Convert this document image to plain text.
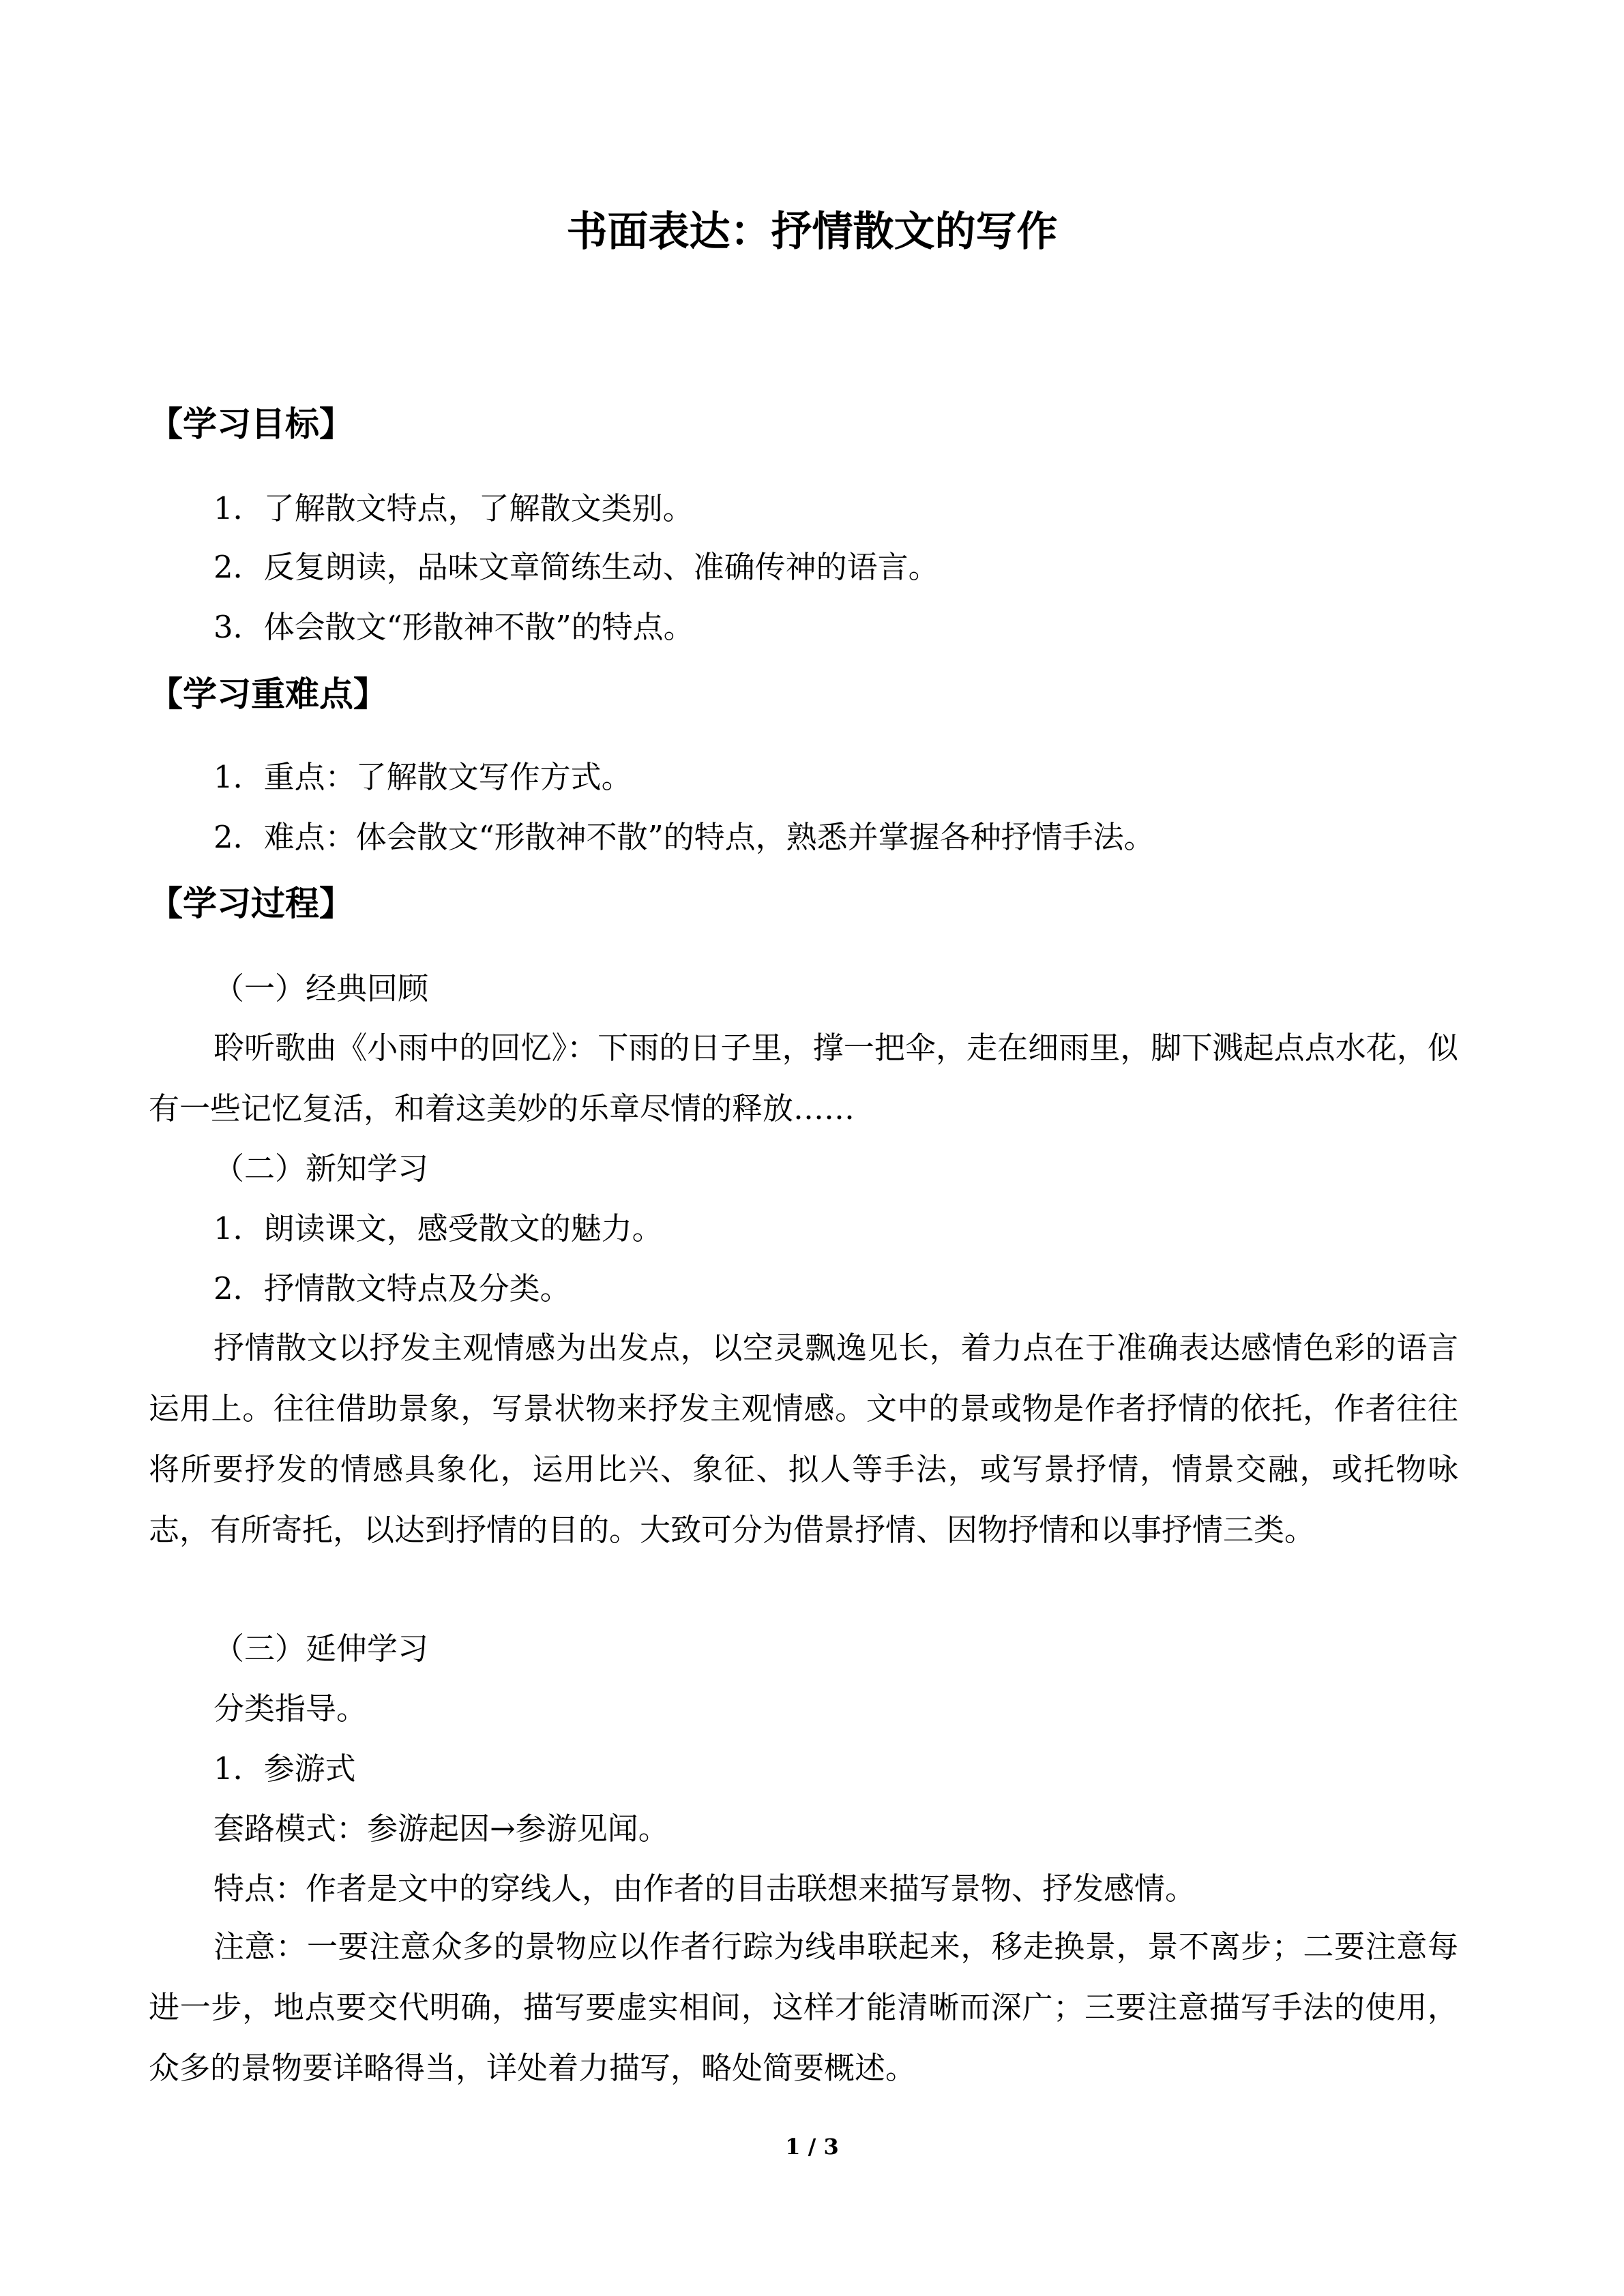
书面表达：抒情散文的写作
【学习目标】

1．了解散文特点，了解散文类别。

2．反复朗读，品味文章简练生动、准确传神的语言。

3．体会散文“形散神不散”的特点。

【学习重难点】

1．重点：了解散文写作方式。

2．难点：体会散文“形散神不散”的特点，熟悉并掌握各种抒情手法。

【学习过程】

（一）经典回顾

聆听歌曲《小雨中的回忆》：下雨的日子里，撑一把伞，走在细雨里，脚下溅起点点水花，似有一些记忆复活，和着这美妙的乐章尽情的释放……

（二）新知学习

1．朗读课文，感受散文的魅力。

2．抒情散文特点及分类。

抒情散文以抒发主观情感为出发点，以空灵飘逸见长，着力点在于准确表达感情色彩的语言运用上。往往借助景象，写景状物来抒发主观情感。文中的景或物是作者抒情的依托，作者往往将所要抒发的情感具象化，运用比兴、象征、拟人等手法，或写景抒情，情景交融，或托物咏志，有所寄托，以达到抒情的目的。大致可分为借景抒情、因物抒情和以事抒情三类。

（三）延伸学习

分类指导。

1．参游式

套路模式：参游起因→参游见闻。

特点：作者是文中的穿线人，由作者的目击联想来描写景物、抒发感情。

注意：一要注意众多的景物应以作者行踪为线串联起来，移走换景，景不离步；二要注意每进一步，地点要交代明确，描写要虚实相间，这样才能清晰而深广；三要注意描写手法的使用，众多的景物要详略得当，详处着力描写，略处简要概述。

1 / 3
